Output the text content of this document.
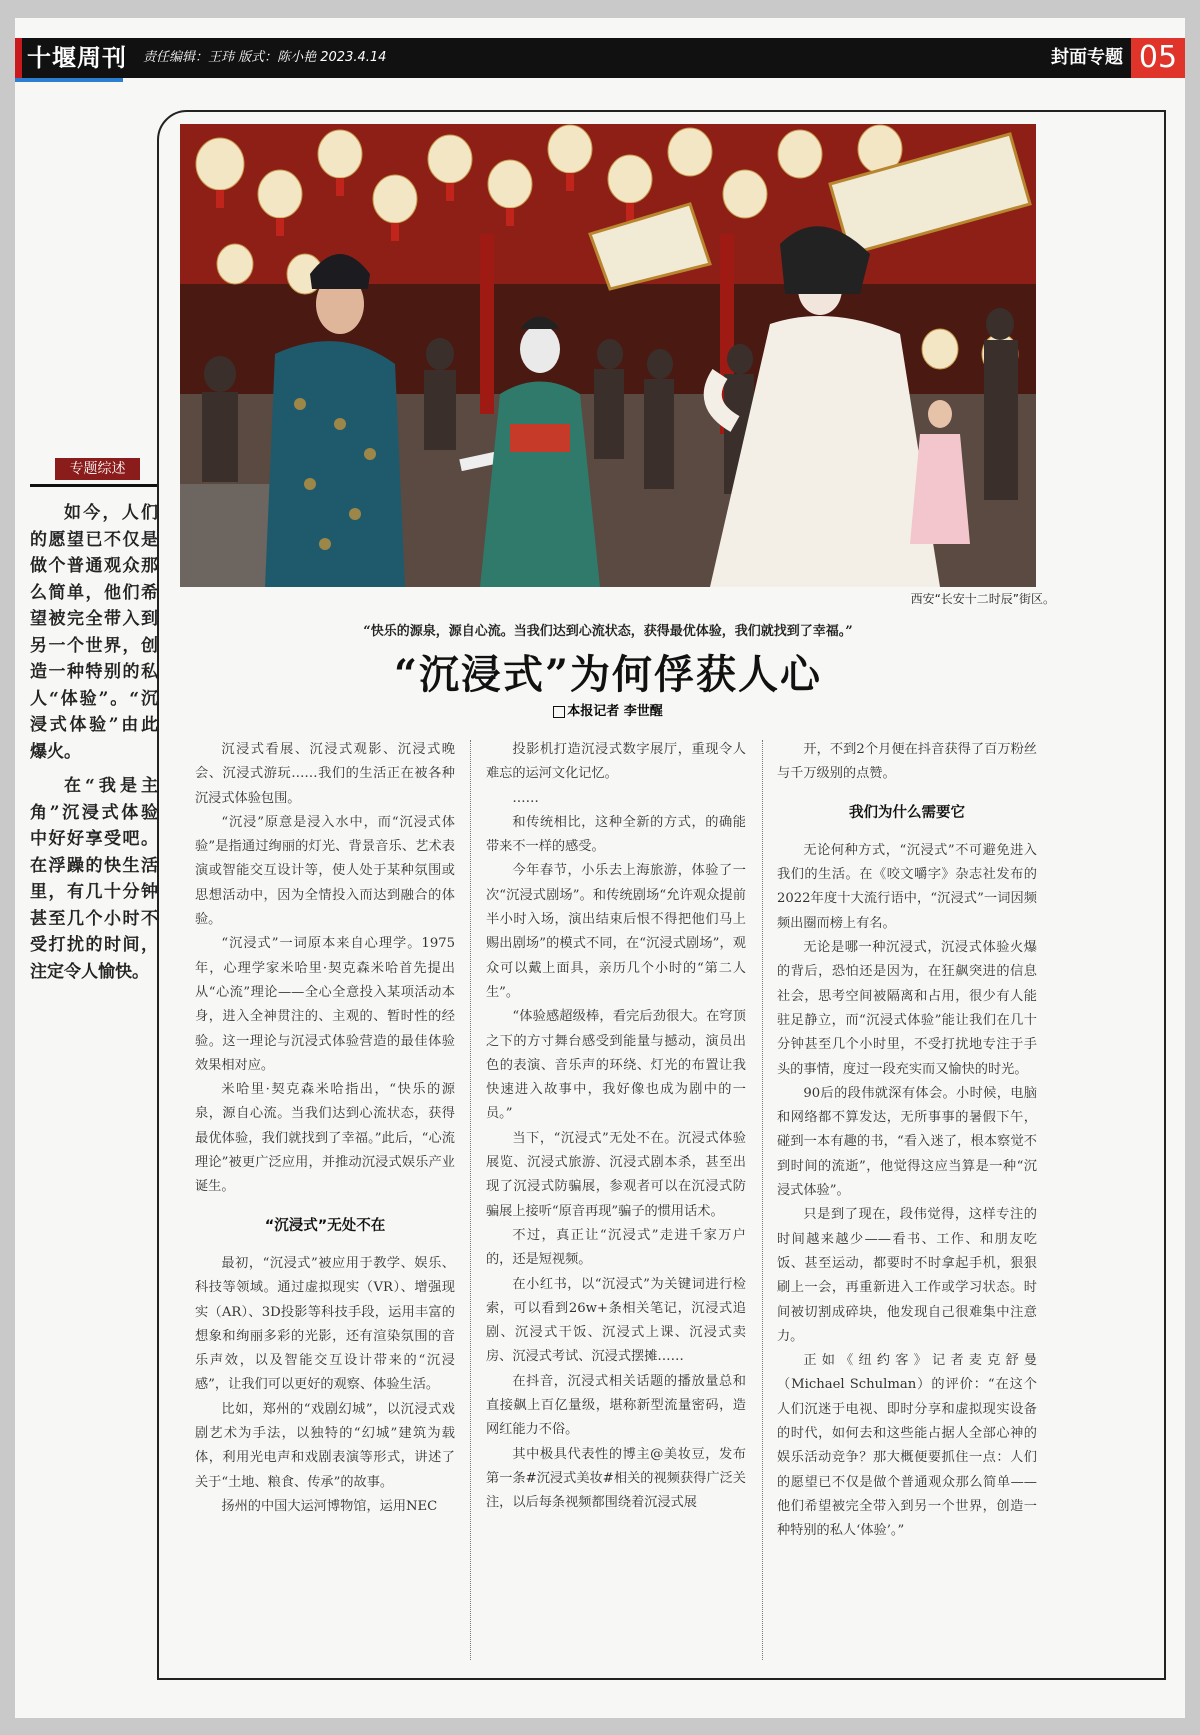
十堰周刊 责任编辑：王玮 版式：陈小艳 2023.4.14	封面专题 05
西安“长安十二时辰”街区。
“快乐的源泉，源自心流。当我们达到心流状态，获得最优体验，我们就找到了幸福。”
“沉浸式”为何俘获人心
本报记者 李世醒
专题综述

如今，人们的愿望已不仅是做个普通观众那么简单，他们希望被完全带入到另一个世界，创造一种特别的私人“体验”。“沉浸式体验”由此爆火。

在“我是主角”沉浸式体验中好好享受吧。在浮躁的快生活里，有几十分钟甚至几个小时不受打扰的时间，注定令人愉快。

沉浸式看展、沉浸式观影、沉浸式晚会、沉浸式游玩……我们的生活正在被各种沉浸式体验包围。

“沉浸”原意是浸入水中，而“沉浸式体验”是指通过绚丽的灯光、背景音乐、艺术表演或智能交互设计等，使人处于某种氛围或思想活动中，因为全情投入而达到融合的体验。

“沉浸式”一词原本来自心理学。1975年，心理学家米哈里·契克森米哈首先提出从“心流”理论——全心全意投入某项活动本身，进入全神贯注的、主观的、暂时性的经验。这一理论与沉浸式体验营造的最佳体验效果相对应。

米哈里·契克森米哈指出，“快乐的源泉，源自心流。当我们达到心流状态，获得最优体验，我们就找到了幸福。”此后，“心流理论”被更广泛应用，并推动沉浸式娱乐产业诞生。

“沉浸式”无处不在

最初，“沉浸式”被应用于教学、娱乐、科技等领域。通过虚拟现实（VR）、增强现实（AR）、3D投影等科技手段，运用丰富的想象和绚丽多彩的光影，还有渲染氛围的音乐声效，以及智能交互设计带来的“沉浸感”，让我们可以更好的观察、体验生活。

比如，郑州的“戏剧幻城”，以沉浸式戏剧艺术为手法，以独特的“幻城”建筑为载体，利用光电声和戏剧表演等形式，讲述了关于“土地、粮食、传承”的故事。

扬州的中国大运河博物馆，运用NEC

投影机打造沉浸式数字展厅，重现令人难忘的运河文化记忆。

……

和传统相比，这种全新的方式，的确能带来不一样的感受。

今年春节，小乐去上海旅游，体验了一次“沉浸式剧场”。和传统剧场“允许观众提前半小时入场，演出结束后恨不得把他们马上赐出剧场”的模式不同，在“沉浸式剧场”，观众可以戴上面具，亲历几个小时的“第二人生”。

“体验感超级棒，看完后劲很大。在穹顶之下的方寸舞台感受到能量与撼动，演员出色的表演、音乐声的环绕、灯光的布置让我快速进入故事中，我好像也成为剧中的一员。”

当下，“沉浸式”无处不在。沉浸式体验展览、沉浸式旅游、沉浸式剧本杀，甚至出现了沉浸式防骗展，参观者可以在沉浸式防骗展上接听“原音再现”骗子的惯用话术。

不过，真正让“沉浸式”走进千家万户的，还是短视频。

在小红书，以“沉浸式”为关键词进行检索，可以看到26w+条相关笔记，沉浸式追剧、沉浸式干饭、沉浸式上课、沉浸式卖房、沉浸式考试、沉浸式摆摊……

在抖音，沉浸式相关话题的播放量总和直接飙上百亿量级，堪称新型流量密码，造网红能力不俗。

其中极具代表性的博主@美妆豆，发布第一条#沉浸式美妆#相关的视频获得广泛关注，以后每条视频都围绕着沉浸式展

开，不到2个月便在抖音获得了百万粉丝与千万级别的点赞。

我们为什么需要它

无论何种方式，“沉浸式”不可避免进入我们的生活。在《咬文嚼字》杂志社发布的2022年度十大流行语中，“沉浸式”一词因频频出圈而榜上有名。

无论是哪一种沉浸式，沉浸式体验火爆的背后，恐怕还是因为，在狂飙突进的信息社会，思考空间被隔离和占用，很少有人能驻足静立，而“沉浸式体验”能让我们在几十分钟甚至几个小时里，不受打扰地专注于手头的事情，度过一段充实而又愉快的时光。

90后的段伟就深有体会。小时候，电脑和网络都不算发达，无所事事的暑假下午，碰到一本有趣的书，“看入迷了，根本察觉不到时间的流逝”，他觉得这应当算是一种“沉浸式体验”。

只是到了现在，段伟觉得，这样专注的时间越来越少——看书、工作、和朋友吃饭、甚至运动，都要时不时拿起手机，狠狠刷上一会，再重新进入工作或学习状态。时间被切割成碎块，他发现自己很难集中注意力。

正如《纽约客》记者麦克舒曼（Michael Schulman）的评价：“在这个人们沉迷于电视、即时分享和虚拟现实设备的时代，如何去和这些能占据人全部心神的娱乐活动竞争？那大概便要抓住一点：人们的愿望已不仅是做个普通观众那么简单——他们希望被完全带入到另一个世界，创造一种特别的私人‘体验’。”
